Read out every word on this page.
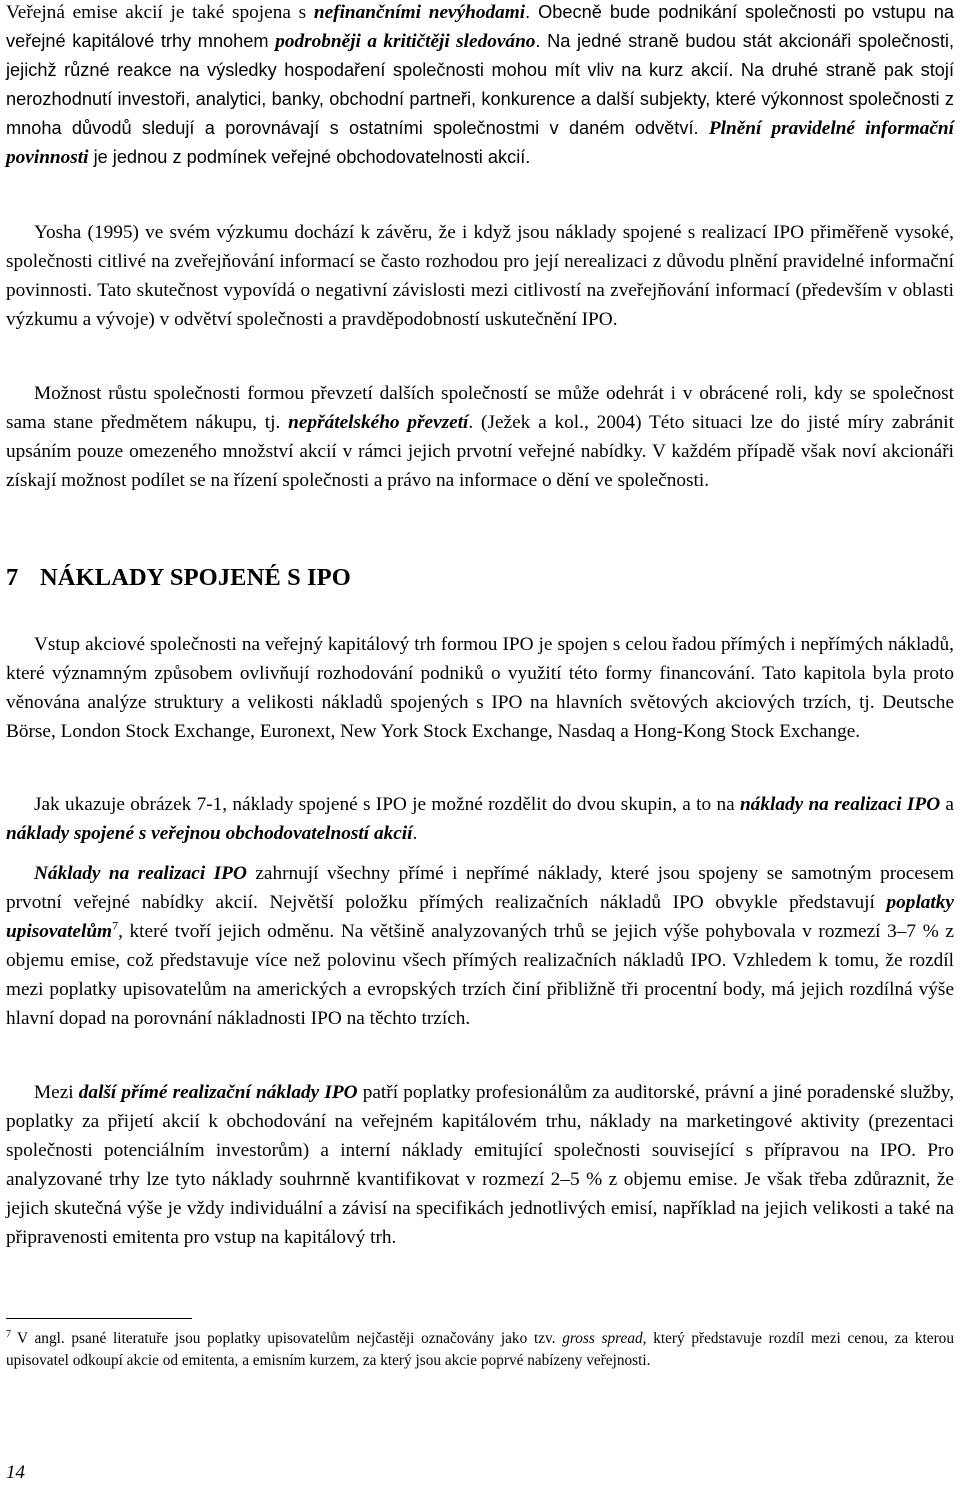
Veřejná emise akcií je také spojena s nefinančními nevýhodami. Obecně bude podnikání společnosti po vstupu na veřejné kapitálové trhy mnohem podrobněji a kritičtěji sledováno. Na jedné straně budou stát akcionáři společnosti, jejichž různé reakce na výsledky hospodaření společnosti mohou mít vliv na kurz akcií. Na druhé straně pak stojí nerozhodnutí investoři, analytici, banky, obchodní partneři, konkurence a další subjekty, které výkonnost společnosti z mnoha důvodů sledují a porovnávají s ostatními společnostmi v daném odvětví. Plnění pravidelné informační povinnosti je jednou z podmínek veřejné obchodovatelnosti akcií.

Yosha (1995) ve svém výzkumu dochází k závěru, že i když jsou náklady spojené s realizací IPO přiměřeně vysoké, společnosti citlivé na zveřejňování informací se často rozhodou pro její nerealizaci z důvodu plnění pravidelné informační povinnosti. Tato skutečnost vypovídá o negativní závislosti mezi citlivostí na zveřejňování informací (především v oblasti výzkumu a vývoje) v odvětví společnosti a pravděpodobností uskutečnění IPO.

Možnost růstu společnosti formou převzetí dalších společností se může odehrát i v obrácené roli, kdy se společnost sama stane předmětem nákupu, tj. nepřátelského převzetí. (Ježek a kol., 2004) Této situaci lze do jisté míry zabránit upsáním pouze omezeného množství akcií v rámci jejich prvotní veřejné nabídky. V každém případě však noví akcionáři získají možnost podílet se na řízení společnosti a právo na informace o dění ve společnosti.

7 NÁKLADY SPOJENÉ S IPO

Vstup akciové společnosti na veřejný kapitálový trh formou IPO je spojen s celou řadou přímých i nepřímých nákladů, které významným způsobem ovlivňují rozhodování podniků o využití této formy financování. Tato kapitola byla proto věnována analýze struktury a velikosti nákladů spojených s IPO na hlavních světových akciových trzích, tj. Deutsche Börse, London Stock Exchange, Euronext, New York Stock Exchange, Nasdaq a Hong-Kong Stock Exchange.

Jak ukazuje obrázek 7-1, náklady spojené s IPO je možné rozdělit do dvou skupin, a to na náklady na realizaci IPO a náklady spojené s veřejnou obchodovatelností akcií.

Náklady na realizaci IPO zahrnují všechny přímé i nepřímé náklady, které jsou spojeny se samotným procesem prvotní veřejné nabídky akcií. Největší položku přímých realizačních nákladů IPO obvykle představují poplatky upisovatelům$^7$, které tvoří jejich odměnu. Na většině analyzovaných trhů se jejich výše pohybovala v rozmezí 3–7 % z objemu emise, což představuje více než polovinu všech přímých realizačních nákladů IPO. Vzhledem k tomu, že rozdíl mezi poplatky upisovatelům na amerických a evropských trzích činí přibližně tři procentní body, má jejich rozdílná výše hlavní dopad na porovnání nákladnosti IPO na těchto trzích.

Mezi další přímé realizační náklady IPO patří poplatky profesionálům za auditorské, právní a jiné poradenské služby, poplatky za přijetí akcií k obchodování na veřejném kapitálovém trhu, náklady na marketingové aktivity (prezentaci společnosti potenciálním investorům) a interní náklady emitující společnosti související s přípravou na IPO. Pro analyzované trhy lze tyto náklady souhrnně kvantifikovat v rozmezí 2–5 % z objemu emise. Je však třeba zdůraznit, že jejich skutečná výše je vždy individuální a závisí na specifikách jednotlivých emisí, například na jejich velikosti a také na připravenosti emitenta pro vstup na kapitálový trh.

$^7$ V angl. psané literatuře jsou poplatky upisovatelům nejčastěji označovány jako tzv. gross spread, který představuje rozdíl mezi cenou, za kterou upisovatel odkoupí akcie od emitenta, a emisním kurzem, za který jsou akcie poprvé nabízeny veřejnosti.

14
